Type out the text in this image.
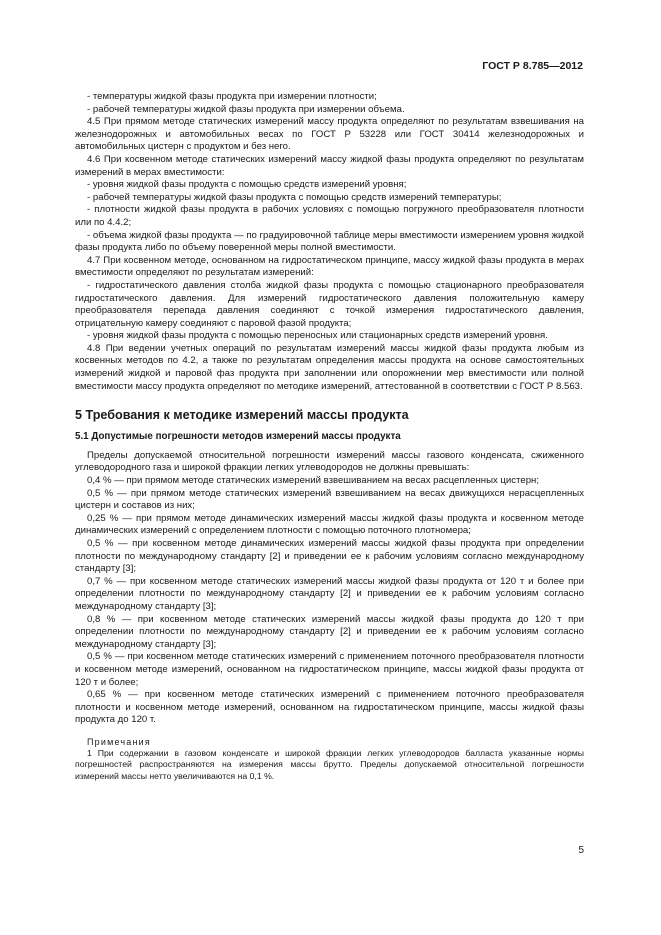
ГОСТ Р 8.785—2012

- температуры жидкой фазы продукта при измерении плотности;

- рабочей температуры жидкой фазы продукта при измерении объема.

4.5 При прямом методе статических измерений массу продукта определяют по результатам взвешивания на железнодорожных и автомобильных весах по ГОСТ Р 53228 или ГОСТ 30414 железнодорожных и автомобильных цистерн с продуктом и без него.

4.6 При косвенном методе статических измерений массу жидкой фазы продукта определяют по результатам измерений в мерах вместимости:

- уровня жидкой фазы продукта с помощью средств измерений уровня;

- рабочей температуры жидкой фазы продукта с помощью средств измерений температуры;

- плотности жидкой фазы продукта в рабочих условиях с помощью погружного преобразователя плотности или по 4.4.2;

- объема жидкой фазы продукта — по градуировочной таблице меры вместимости измерением уровня жидкой фазы продукта либо по объему поверенной меры полной вместимости.

4.7 При косвенном методе, основанном на гидростатическом принципе, массу жидкой фазы продукта в мерах вместимости определяют по результатам измерений:

- гидростатического давления столба жидкой фазы продукта с помощью стационарного преобразователя гидростатического давления. Для измерений гидростатического давления положительную камеру преобразователя перепада давления соединяют с точкой измерения гидростатического давления, отрицательную камеру соединяют с паровой фазой продукта;

- уровня жидкой фазы продукта с помощью переносных или стационарных средств измерений уровня.

4.8 При ведении учетных операций по результатам измерений массы жидкой фазы продукта любым из косвенных методов по 4.2, а также по результатам определения массы продукта на основе самостоятельных измерений жидкой и паровой фаз продукта при заполнении или опорожнении мер вместимости или полной вместимости массу продукта определяют по методике измерений, аттестованной в соответствии с ГОСТ Р 8.563.

5 Требования к методике измерений массы продукта
5.1 Допустимые погрешности методов измерений массы продукта

Пределы допускаемой относительной погрешности измерений массы газового конденсата, сжиженного углеводородного газа и широкой фракции легких углеводородов не должны превышать:

0,4 % — при прямом методе статических измерений взвешиванием на весах расцепленных цистерн;

0,5 % — при прямом методе статических измерений взвешиванием на весах движущихся нерасцепленных цистерн и составов из них;

0,25 % — при прямом методе динамических измерений массы жидкой фазы продукта и косвенном методе динамических измерений с определением плотности с помощью поточного плотномера;

0,5 % — при косвенном методе динамических измерений массы жидкой фазы продукта при определении плотности по международному стандарту [2] и приведении ее к рабочим условиям согласно международному стандарту [3];

0,7 % — при косвенном методе статических измерений массы жидкой фазы продукта от 120 т и более при определении плотности по международному стандарту [2] и приведении ее к рабочим условиям согласно международному стандарту [3];

0,8 % — при косвенном методе статических измерений массы жидкой фазы продукта до 120 т при определении плотности по международному стандарту [2] и приведении ее к рабочим условиям согласно международному стандарту [3];

0,5 % — при косвенном методе статических измерений с применением поточного преобразователя плотности и косвенном методе измерений, основанном на гидростатическом принципе, массы жидкой фазы продукта от 120 т и более;

0,65 % — при косвенном методе статических измерений с применением поточного преобразователя плотности и косвенном методе измерений, основанном на гидростатическом принципе, массы жидкой фазы продукта до 120 т.

Примечания

1 При содержании в газовом конденсате и широкой фракции легких углеводородов балласта указанные нормы погрешностей распространяются на измерения массы брутто. Пределы допускаемой относительной погрешности измерений массы нетто увеличиваются на 0,1 %.

5
